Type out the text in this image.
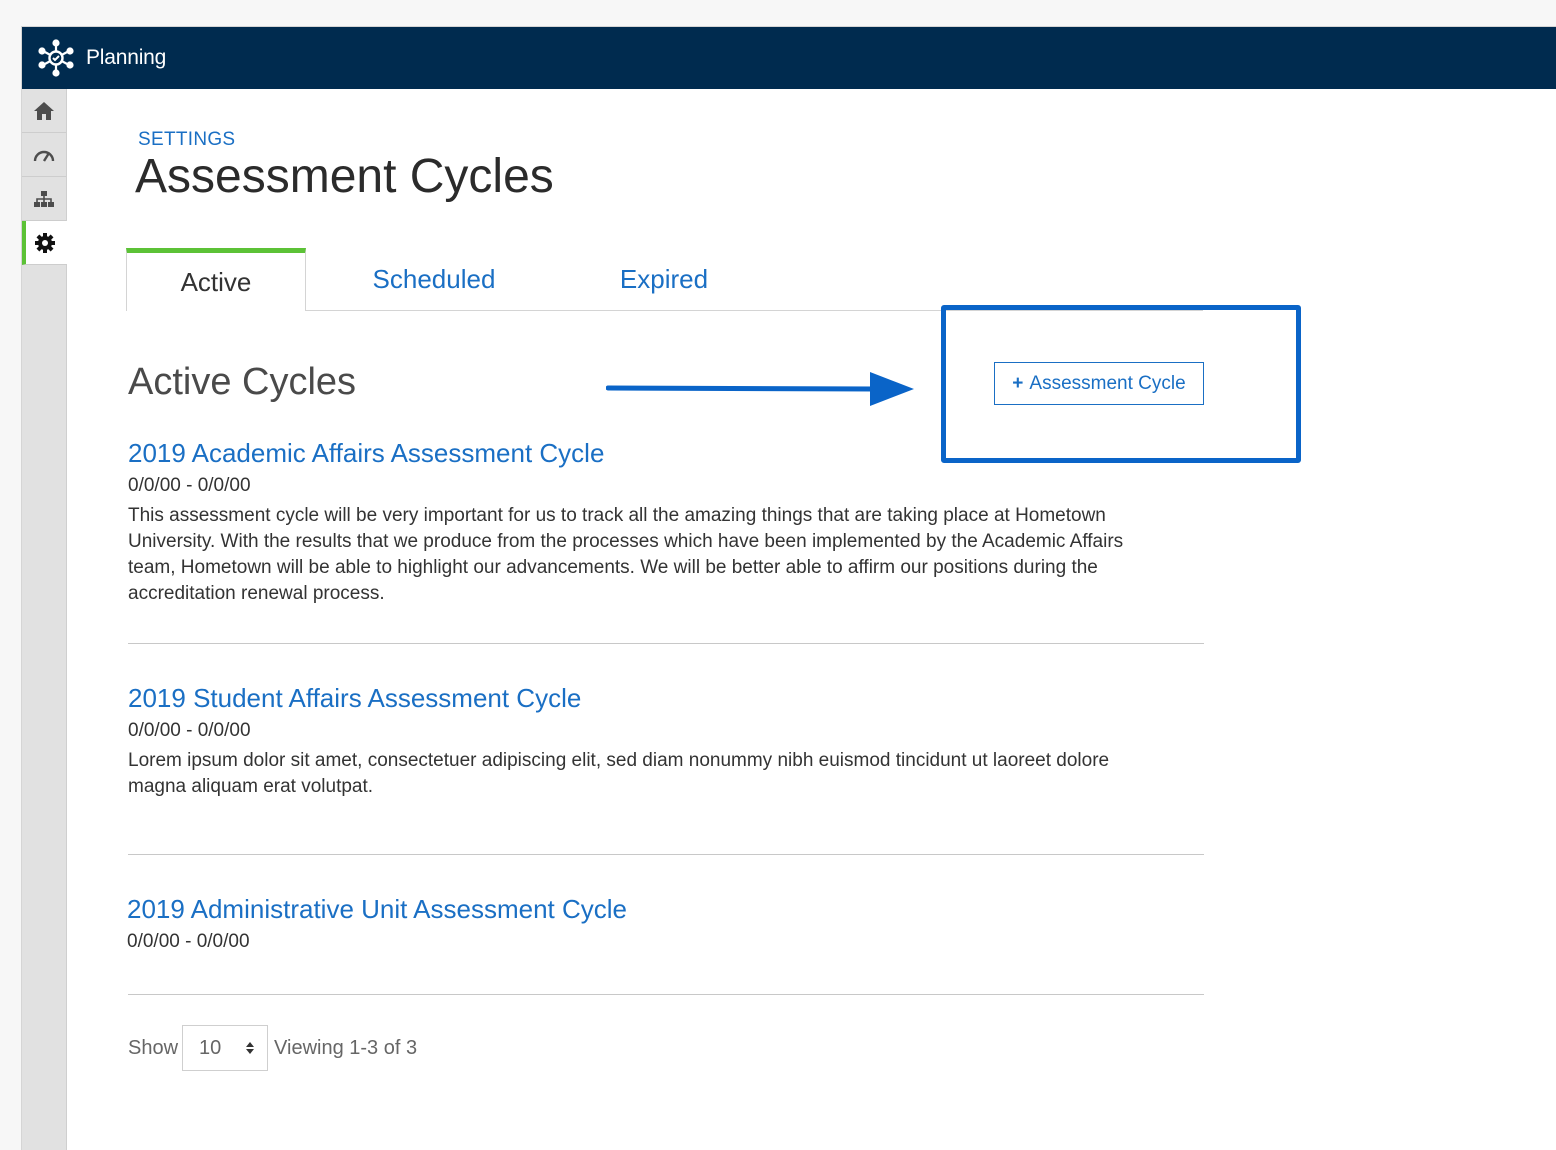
Planning
SETTINGS
Assessment Cycles
Active	Scheduled	Expired
Active Cycles	+ Assessment Cycle
2019 Academic Affairs Assessment Cycle
0/0/00 - 0/0/00
This assessment cycle will be very important for us to track all the amazing things that are taking place at Hometown University. With the results that we produce from the processes which have been implemented by the Academic Affairs team, Hometown will be able to highlight our advancements. We will be better able to affirm our positions during the accreditation renewal process.
2019 Student Affairs Assessment Cycle
0/0/00 - 0/0/00
Lorem ipsum dolor sit amet, consectetuer adipiscing elit, sed diam nonummy nibh euismod tincidunt ut laoreet dolore magna aliquam erat volutpat.
2019 Administrative Unit Assessment Cycle
0/0/00 - 0/0/00
Show 10	Viewing 1-3 of 3
